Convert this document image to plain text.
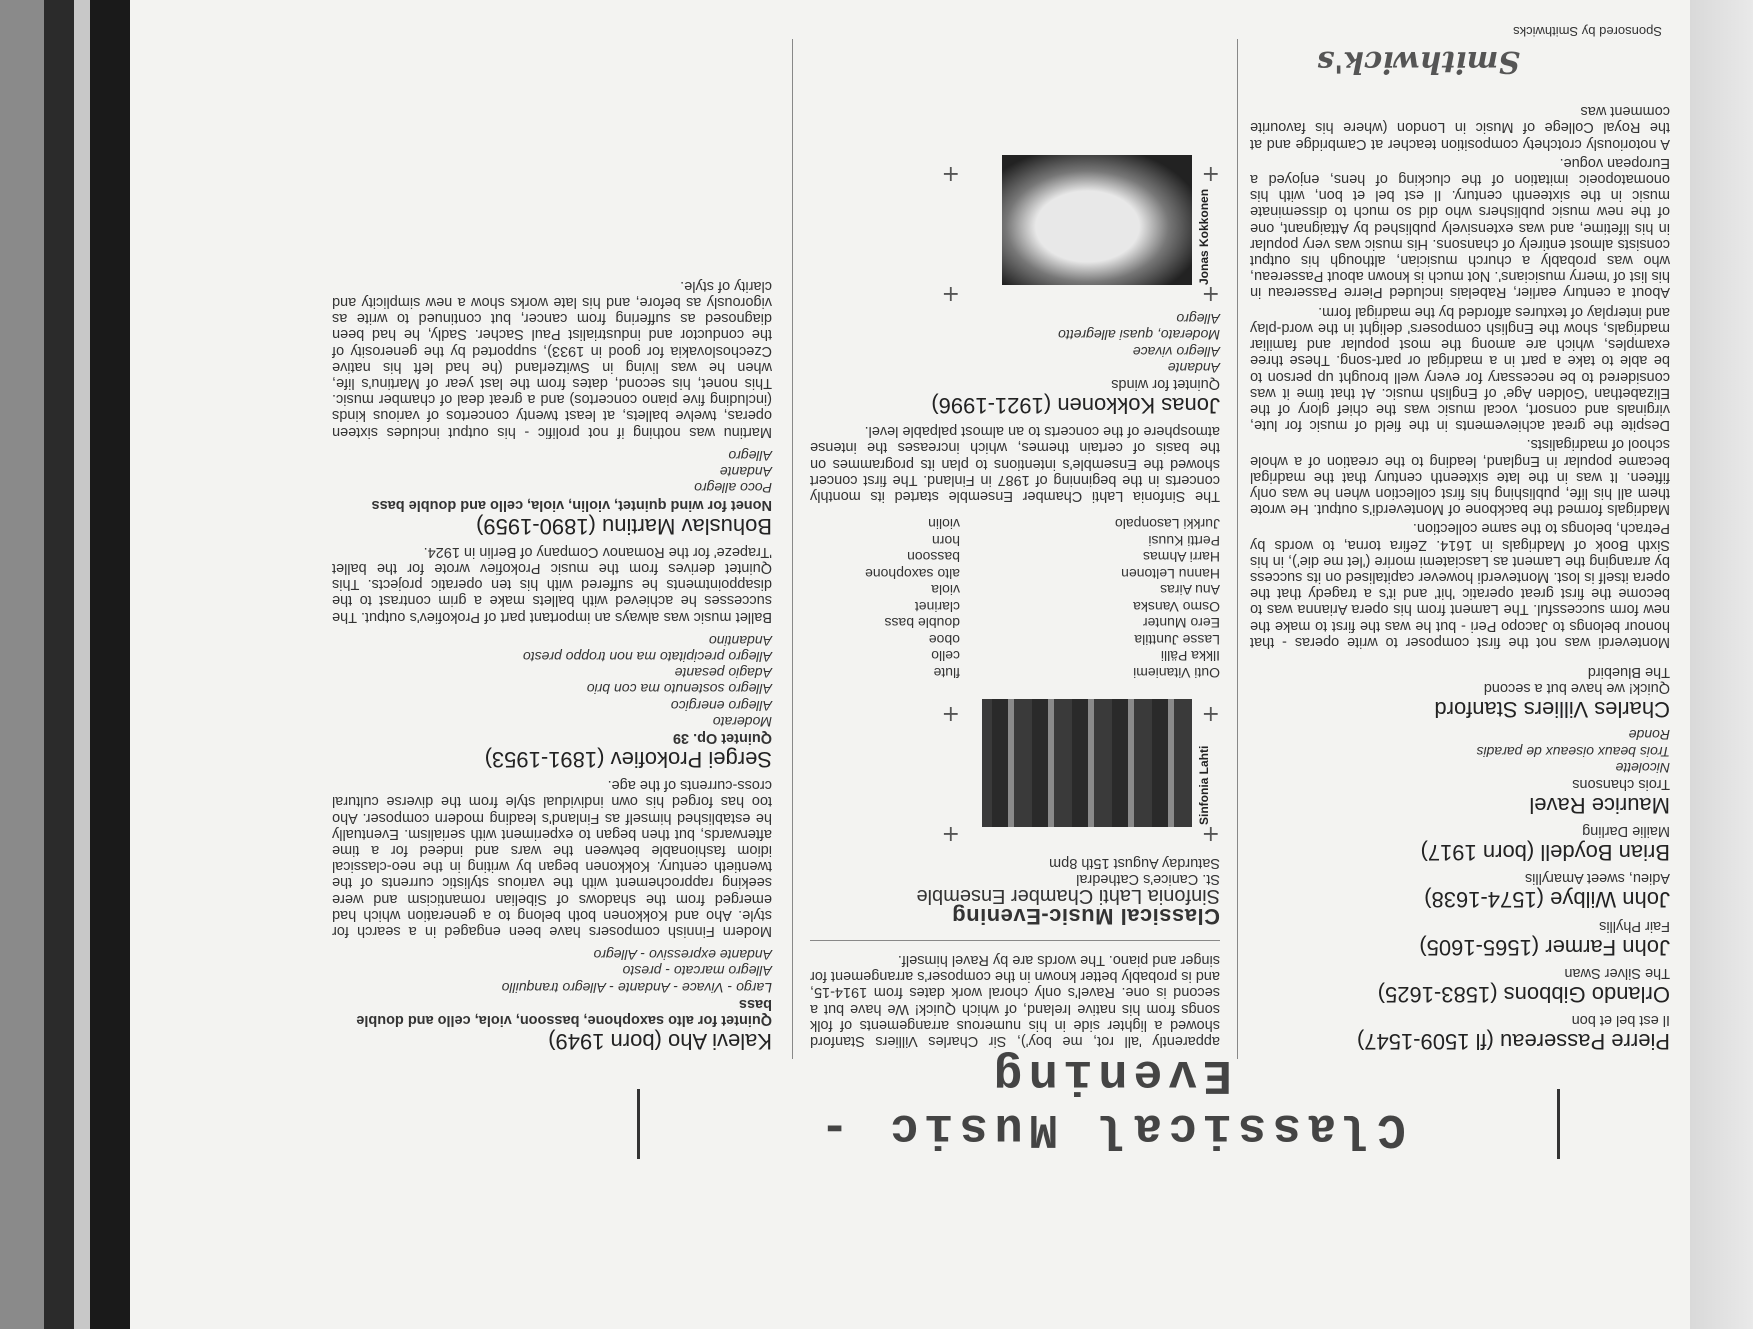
Classical Music - Evening
Sponsored by Smithwicks
Smithwick's
Pierre Passereau (fl 1509-1547)
Il est bel et bon
Orlando Gibbons (1583-1625)
The Silver Swan
John Farmer (1565-1605)
Fair Phyllis
John Wilbye (1574-1638)
Adieu, sweet Amaryllis
Brian Boydell (born 1917)
Mailie Darling
Maurice Ravel
Trois chansons
Nicolette
Trois beaux oiseaux de paradis
Ronde
Charles Villiers Stanford
Quick! we have but a second
The Bluebird

Monteverdi was not the first composer to write operas - that honour belongs to Jacopo Peri - but he was the first to make the new form successful. The Lament from his opera Arianna was to become the first great operatic 'hit' and it's a tragedy that the opera itself is lost. Monteverdi however capitalised on its success by arranging the Lament as Lasciatemi morire ('let me die'), in his Sixth Book of Madrigals in 1614. Zefira torna, to words by Petrach, belongs to the same collection.

Madrigals formed the backbone of Monteverdi's output. He wrote them all his life, publishing his first collection when he was only fifteen. It was in the late sixteenth century that the madrigal became popular in England, leading to the creation of a whole school of madrigalists.

Despite the great achievements in the field of music for lute, virginals and consort, vocal music was the chief glory of the Elizabethan 'Golden Age' of English music. At that time it was considered to be necessary for every well brought up person to be able to take a part in a madrigal or part-song. These three examples, which are among the most popular and familiar madrigals, show the English composers' delight in the word-play and interplay of textures afforded by the madrigal form.

About a century earlier, Rabelais included Pierre Passereau in his list of 'merry musicians'. Not much is known about Passereau, who was probably a church musician, although his output consists almost entirely of chansons. His music was very popular in his lifetime, and was extensively published by Attaignant, one of the new music publishers who did so much to disseminate music in the sixteenth century. Il est bel et bon, with his onomatopoeic imitation of the clucking of hens, enjoyed a European vogue.

A notoriously crotchety composition teacher at Cambridge and at the Royal College of Music in London (where his favourite comment was

apparently 'all rot, me boy'), Sir Charles Villiers Stanford showed a lighter side in his numerous arrangements of folk songs from his native Ireland, of which Quick! We have but a second is one. Ravel's only choral work dates from 1914-15, and is probably better known in the composer's arrangement for singer and piano. The words are by Ravel himself.

Classical Music-Evening
Sinfonia Lahti Chamber Ensemble
St. Canice's Cathedral
Saturday August 15th 8pm
+
+
+
+
Sinfonia Lahti
Outi Vitaniemi
flute
Ilkka Pälli
cello
Lasse Junttila
oboe
Eero Munter
double bass
Osmo Vanska
clarinet
Anu Airas
viola
Hannu Leltonen
alto saxophone
Harri Ahmas
bassoon
Pertti Kuusi
horn
Jurkki Lasonpalo
violin

The Sinfonia Lahti Chamber Ensemble started its monthly concerts in the beginning of 1987 in Finland. The first concert showed the Ensemble's intentions to plan its programmes on the basis of certain themes, which increases the intense atmosphere of the concerts to an almost palpable level.

Jonas Kokkonen (1921-1996)
Quintet for winds
Andante
Allegro vivace
Moderato, quasi allegretto
Allegro
+
+
+
+
Jonas Kokkonen
Kalevi Aho (born 1949)
Quintet for alto saxophone, bassoon, viola, cello and double bass
Largo - Vivace - Andante - Allegro tranquillo
Allegro marcato - presto
Andante expressivo - Allegro

Modern Finnish composers have been engaged in a search for style. Aho and Kokkonen both belong to a generation which had emerged from the shadows of Sibelian romanticism and were seeking rapprochement with the various stylistic currents of the twentieth century. Kokkonen began by writing in the neo-classical idiom fashionable between the wars and indeed for a time afterwards, but then began to experiment with serialism. Eventually he established himself as Finland's leading modern composer. Aho too has forged his own individual style from the diverse cultural cross-currents of the age.

Sergei Prokofiev (1891-1953)
Quintet Op. 39
Moderato
Allegro energico
Allegro sostenuto ma con brio
Adagio pesante
Allegro precipitato ma non troppo presto
Andantino

Ballet music was always an important part of Prokofiev's output. The successes he achieved with ballets make a grim contrast to the disappointments he suffered with his ten operatic projects. This Quintet derives from the music Prokofiev wrote for the ballet 'Trapeze' for the Romanov Company of Berlin in 1924.

Bohuslav Martinu (1890-1959)
Nonet for wind quintet, violin, viola, cello and double bass
Poco allegro
Andante
Allegro

Martinu was nothing if not prolific - his output includes sixteen operas, twelve ballets, at least twenty concertos of various kinds (including five piano concertos) and a great deal of chamber music. This nonet, his second, dates from the last year of Martinu's life, when he was living in Switzerland (he had left his native Czechoslovakia for good in 1933), supported by the generosity of the conductor and industrialist Paul Sacher. Sadly, he had been diagnosed as suffering from cancer, but continued to write as vigorously as before, and his late works show a new simplicity and clarity of style.
